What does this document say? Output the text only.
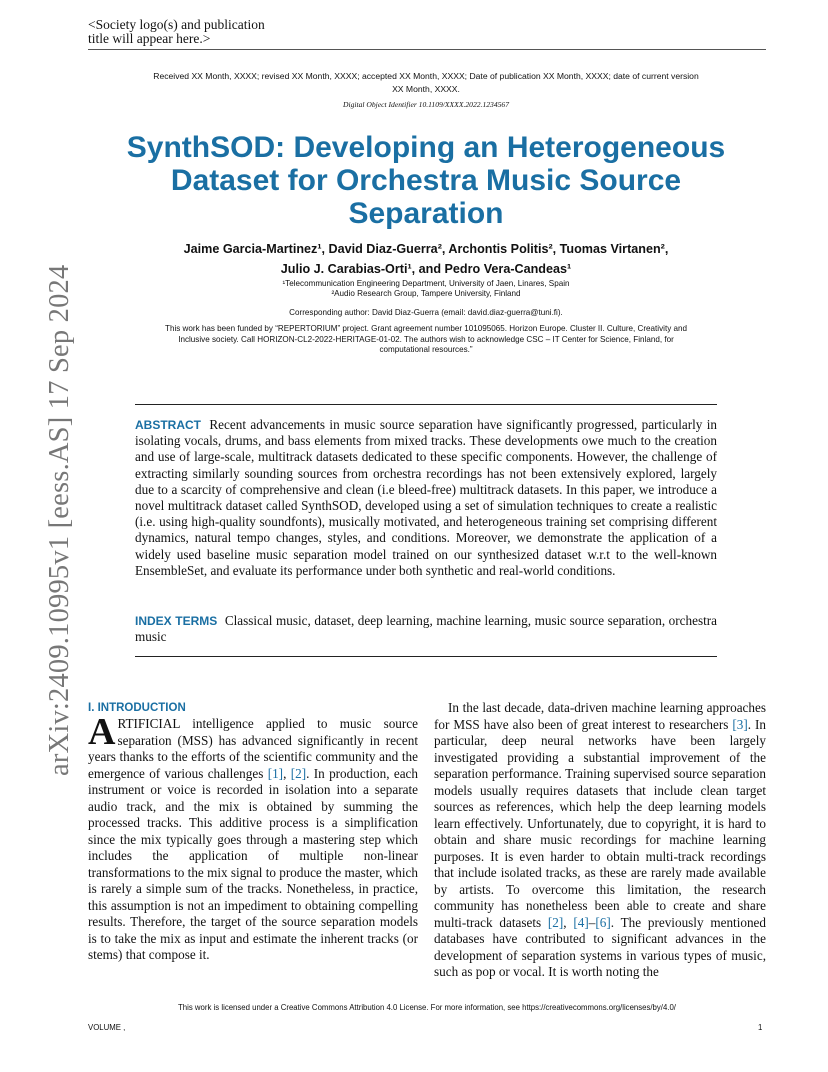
<Society logo(s) and publication title will appear here.>
Received XX Month, XXXX; revised XX Month, XXXX; accepted XX Month, XXXX; Date of publication XX Month, XXXX; date of current version XX Month, XXXX.
Digital Object Identifier 10.1109/XXXX.2022.1234567
SynthSOD: Developing an Heterogeneous Dataset for Orchestra Music Source Separation
Jaime Garcia-Martinez¹, David Diaz-Guerra², Archontis Politis², Tuomas Virtanen²,
Julio J. Carabias-Orti¹, and Pedro Vera-Candeas¹
¹Telecommunication Engineering Department, University of Jaen, Linares, Spain
²Audio Research Group, Tampere University, Finland
Corresponding author: David Diaz-Guerra (email: david.diaz-guerra@tuni.fi).
This work has been funded by “REPERTORIUM” project. Grant agreement number 101095065. Horizon Europe. Cluster II. Culture, Creativity and Inclusive society. Call HORIZON-CL2-2022-HERITAGE-01-02. The authors wish to acknowledge CSC – IT Center for Science, Finland, for computational resources.”
arXiv:2409.10995v1 [eess.AS] 17 Sep 2024	ABSTRACT Recent advancements in music source separation have significantly progressed, particularly in isolating vocals, drums, and bass elements from mixed tracks. These developments owe much to the creation and use of large-scale, multitrack datasets dedicated to these specific components. However, the challenge of extracting similarly sounding sources from orchestra recordings has not been extensively explored, largely due to a scarcity of comprehensive and clean (i.e bleed-free) multitrack datasets. In this paper, we introduce a novel multitrack dataset called SynthSOD, developed using a set of simulation techniques to create a realistic (i.e. using high-quality soundfonts), musically motivated, and heterogeneous training set comprising different dynamics, natural tempo changes, styles, and conditions. Moreover, we demonstrate the application of a widely used baseline music separation model trained on our synthesized dataset w.r.t to the well-known EnsembleSet, and evaluate its performance under both synthetic and real-world conditions.
INDEX TERMS Classical music, dataset, deep learning, machine learning, music source separation, orchestra music
I. INTRODUCTION
ARTIFICIAL intelligence applied to music source separation (MSS) has advanced significantly in recent years thanks to the efforts of the scientific community and the emergence of various challenges [1], [2]. In production, each instrument or voice is recorded in isolation into a separate audio track, and the mix is obtained by summing the processed tracks. This additive process is a simplification since the mix typically goes through a mastering step which includes the application of multiple non-linear transformations to the mix signal to produce the master, which is rarely a simple sum of the tracks. Nonetheless, in practice, this assumption is not an impediment to obtaining compelling results. Therefore, the target of the source separation models is to take the mix as input and estimate the inherent tracks (or stems) that compose it.
In the last decade, data-driven machine learning approaches for MSS have also been of great interest to researchers [3]. In particular, deep neural networks have been largely investigated providing a substantial improvement of the separation performance. Training supervised source separation models usually requires datasets that include clean target sources as references, which help the deep learning models learn effectively. Unfortunately, due to copyright, it is hard to obtain and share music recordings for machine learning purposes. It is even harder to obtain multi-track recordings that include isolated tracks, as these are rarely made available by artists. To overcome this limitation, the research community has nonetheless been able to create and share multi-track datasets [2], [4]–[6]. The previously mentioned databases have contributed to significant advances in the development of separation systems in various types of music, such as pop or vocal. It is worth noting the
This work is licensed under a Creative Commons Attribution 4.0 License. For more information, see https://creativecommons.org/licenses/by/4.0/
VOLUME ,	1
